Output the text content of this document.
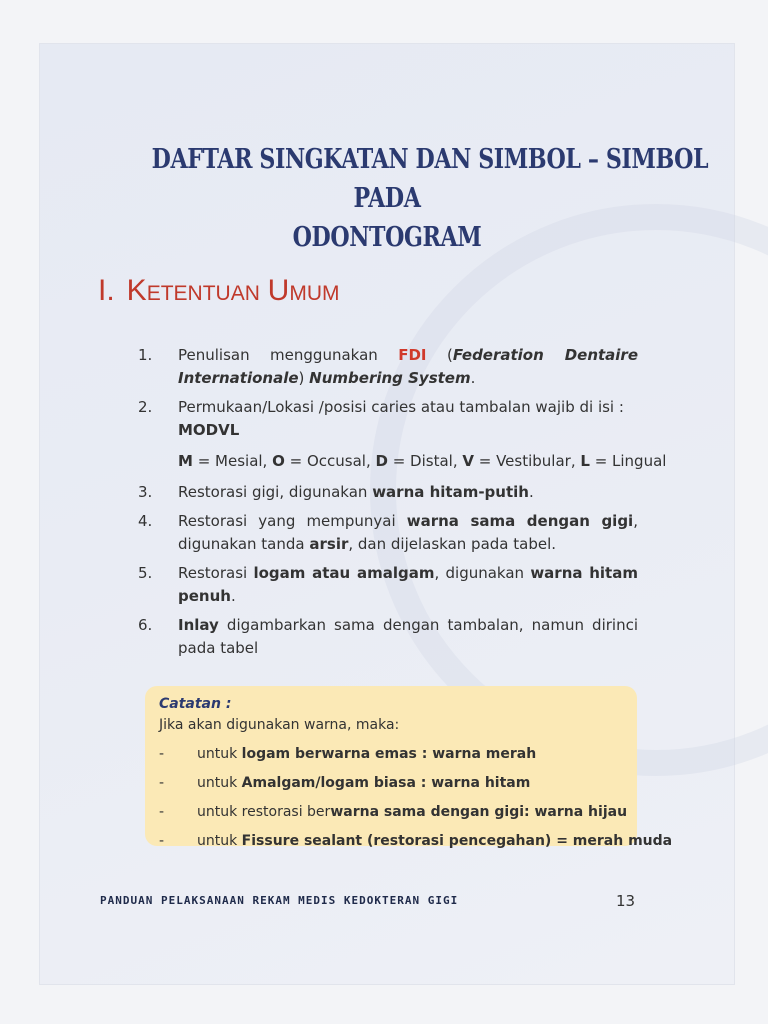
DAFTAR SINGKATAN DAN SIMBOL – SIMBOL
PADA
ODONTOGRAM
I. KETENTUAN UMUM
1. Penulisan menggunakan FDI (Federation Dentaire Internationale) Numbering System.
2. Permukaan/Lokasi /posisi caries atau tambalan wajib di isi : MODVL
M = Mesial, O = Occusal, D = Distal, V = Vestibular, L = Lingual
3. Restorasi gigi, digunakan warna hitam-putih.
4. Restorasi yang mempunyai warna sama dengan gigi, digunakan tanda arsir, dan dijelaskan pada tabel.
5. Restorasi logam atau amalgam, digunakan warna hitam penuh.
6. Inlay digambarkan sama dengan tambalan, namun dirinci pada tabel
Catatan :
Jika akan digunakan warna, maka:
- untuk logam berwarna emas : warna merah
- untuk Amalgam/logam biasa : warna hitam
- untuk restorasi berwarna sama dengan gigi: warna hijau
- untuk Fissure sealant (restorasi pencegahan) = merah muda
PANDUAN PELAKSANAAN REKAM MEDIS KEDOKTERAN GIGI	13
